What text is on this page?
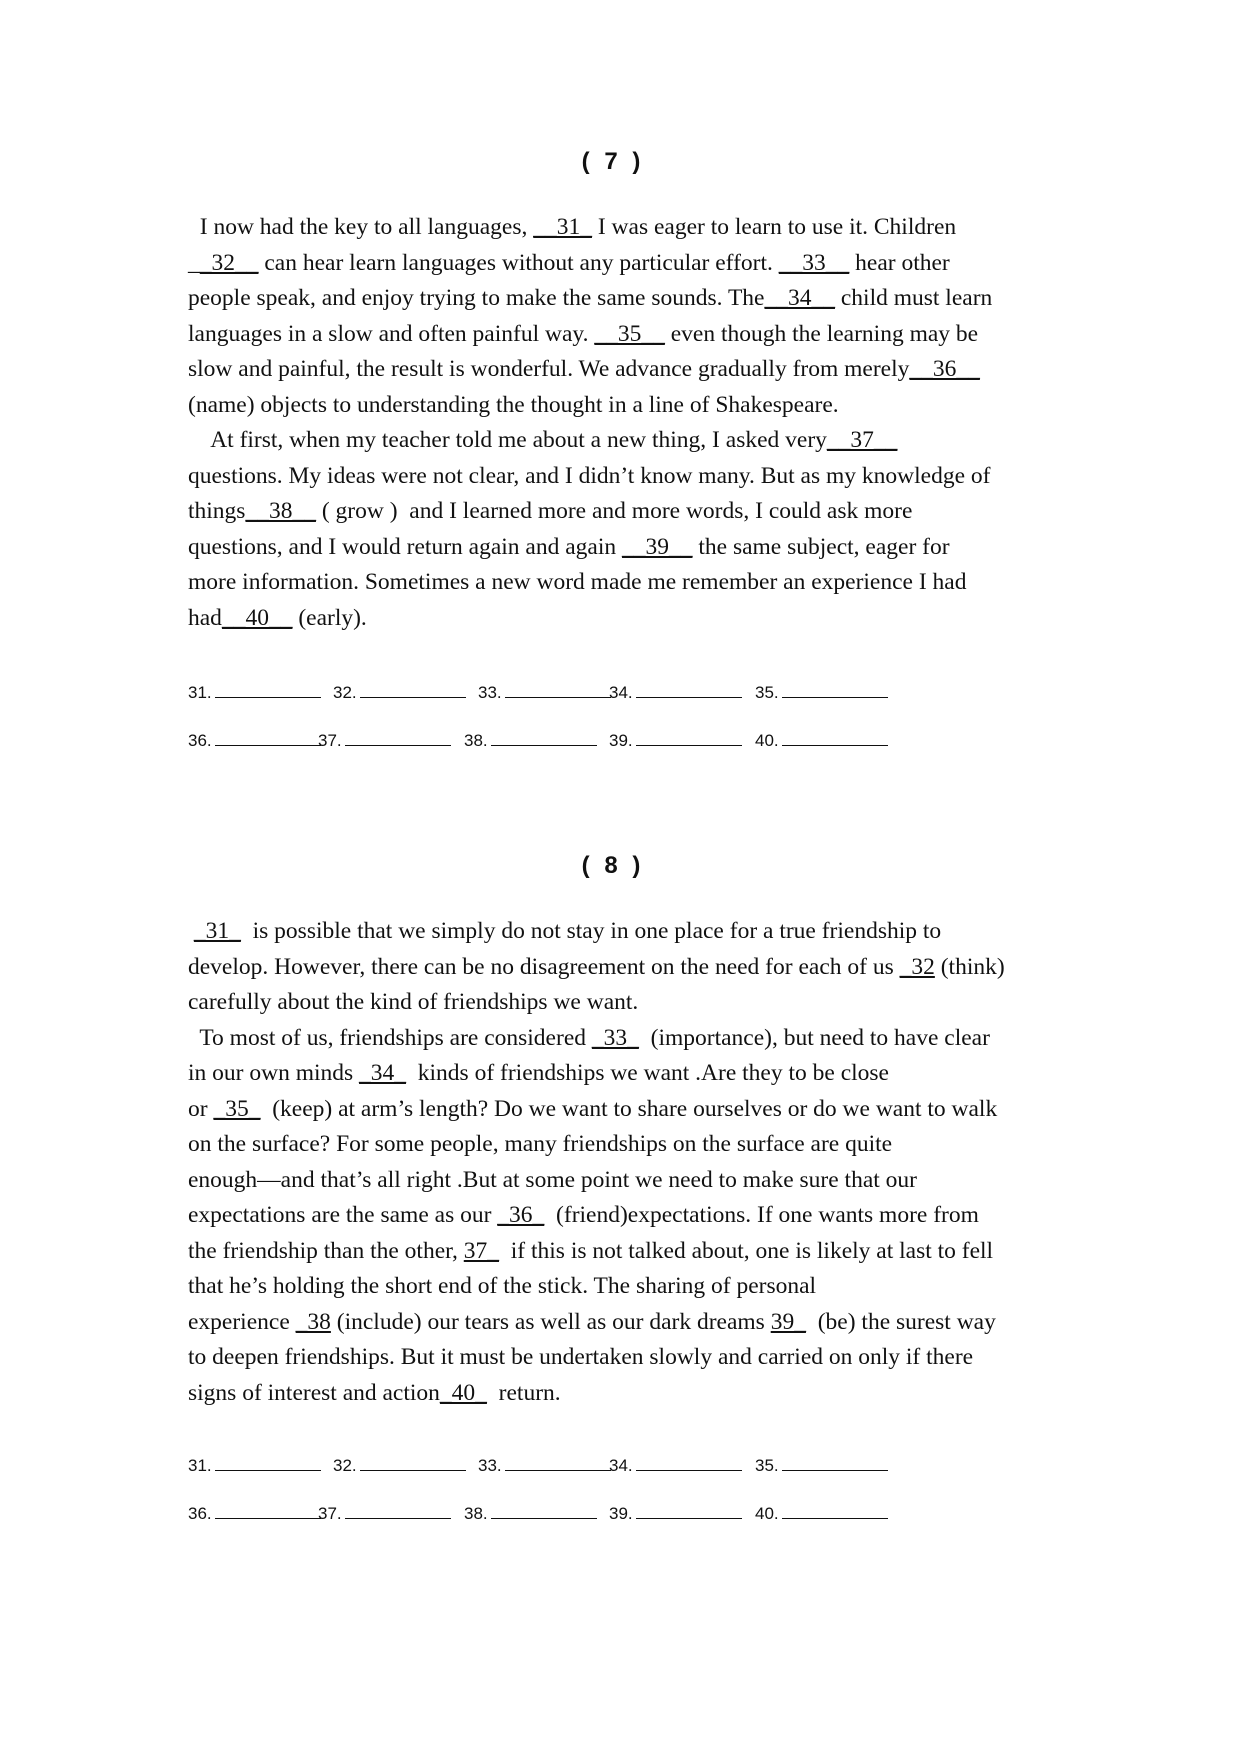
( 7 )

I now had the key to all languages, __31_ I was eager to learn to use it. Children

__32__ can hear learn languages without any particular effort. __33__ hear other

people speak, and enjoy trying to make the same sounds. The__34__ child must learn

languages in a slow and often painful way. __35__ even though the learning may be

slow and painful, the result is wonderful. We advance gradually from merely__36__

(name) objects to understanding the thought in a line of Shakespeare.

At first, when my teacher told me about a new thing, I asked very__37__

questions. My ideas were not clear, and I didn’t know many. But as my knowledge of

things__38__ ( grow )  and I learned more and more words, I could ask more

questions, and I would return again and again __39__ the same subject, eager for

more information. Sometimes a new word made me remember an experience I had

had__40__ (early).

31.	32.	33.	34.	35.
36.	37.	38.	39.	40.
( 8 )

_31_  is possible that we simply do not stay in one place for a true friendship to

develop. However, there can be no disagreement on the need for each of us _32 (think)

carefully about the kind of friendships we want.

To most of us, friendships are considered _33_  (importance), but need to have clear

in our own minds _34_  kinds of friendships we want .Are they to be close

or _35_  (keep) at arm’s length? Do we want to share ourselves or do we want to walk

on the surface? For some people, many friendships on the surface are quite

enough—and that’s all right .But at some point we need to make sure that our

expectations are the same as our _36_  (friend)expectations. If one wants more from

the friendship than the other, 37_  if this is not talked about, one is likely at last to fell

that he’s holding the short end of the stick. The sharing of personal

experience _38 (include) our tears as well as our dark dreams 39_  (be) the surest way

to deepen friendships. But it must be undertaken slowly and carried on only if there

signs of interest and action_40_  return.

31.	32.	33.	34.	35.
36.	37.	38.	39.	40.
